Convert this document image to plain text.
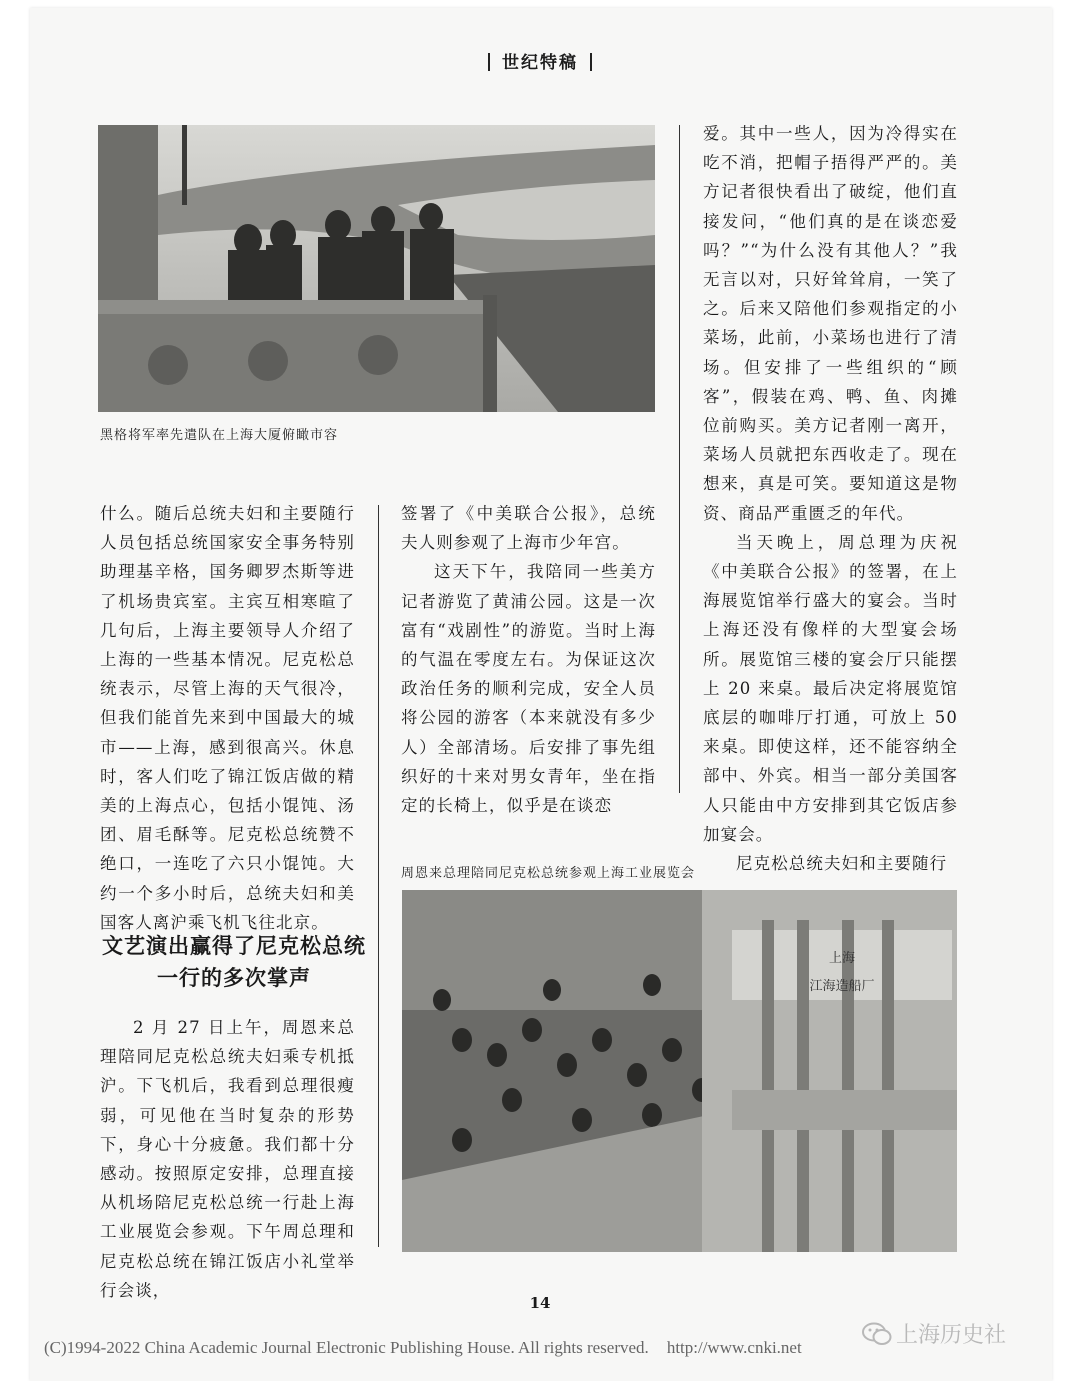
世纪特稿
黑格将军率先遣队在上海大厦俯瞰市容

爱。其中一些人，因为冷得实在吃不消，把帽子捂得严严的。美方记者很快看出了破绽，他们直接发问，“他们真的是在谈恋爱吗？”“为什么没有其他人？”我无言以对，只好耸耸肩，一笑了之。后来又陪他们参观指定的小菜场，此前，小菜场也进行了清场。但安排了一些组织的“顾客”，假装在鸡、鸭、鱼、肉摊位前购买。美方记者刚一离开，菜场人员就把东西收走了。现在想来，真是可笑。要知道这是物资、商品严重匮乏的年代。

当天晚上，周总理为庆祝《中美联合公报》的签署，在上海展览馆举行盛大的宴会。当时上海还没有像样的大型宴会场所。展览馆三楼的宴会厅只能摆上 20 来桌。最后决定将展览馆底层的咖啡厅打通，可放上 50 来桌。即使这样，还不能容纳全部中、外宾。相当一部分美国客人只能由中方安排到其它饭店参加宴会。

尼克松总统夫妇和主要随行

什么。随后总统夫妇和主要随行人员包括总统国家安全事务特别助理基辛格，国务卿罗杰斯等进了机场贵宾室。主宾互相寒暄了几句后，上海主要领导人介绍了上海的一些基本情况。尼克松总统表示，尽管上海的天气很冷，但我们能首先来到中国最大的城市——上海，感到很高兴。休息时，客人们吃了锦江饭店做的精美的上海点心，包括小馄饨、汤团、眉毛酥等。尼克松总统赞不绝口，一连吃了六只小馄饨。大约一个多小时后，总统夫妇和美国客人离沪乘飞机飞往北京。

文艺演出赢得了尼克松总统一行的多次掌声

2 月 27 日上午，周恩来总理陪同尼克松总统夫妇乘专机抵沪。下飞机后，我看到总理很瘦弱，可见他在当时复杂的形势下，身心十分疲惫。我们都十分感动。按照原定安排，总理直接从机场陪尼克松总统一行赴上海工业展览会参观。下午周总理和尼克松总统在锦江饭店小礼堂举行会谈，

签署了《中美联合公报》，总统夫人则参观了上海市少年宫。

这天下午，我陪同一些美方记者游览了黄浦公园。这是一次富有“戏剧性”的游览。当时上海的气温在零度左右。为保证这次政治任务的顺利完成，安全人员将公园的游客（本来就没有多少人）全部清场。后安排了事先组织好的十来对男女青年，坐在指定的长椅上，似乎是在谈恋

周恩来总理陪同尼克松总统参观上海工业展览会
上海
江海造船厂
14
(C)1994-2022 China Academic Journal Electronic Publishing House. All rights reserved. http://www.cnki.net	上海历史社
